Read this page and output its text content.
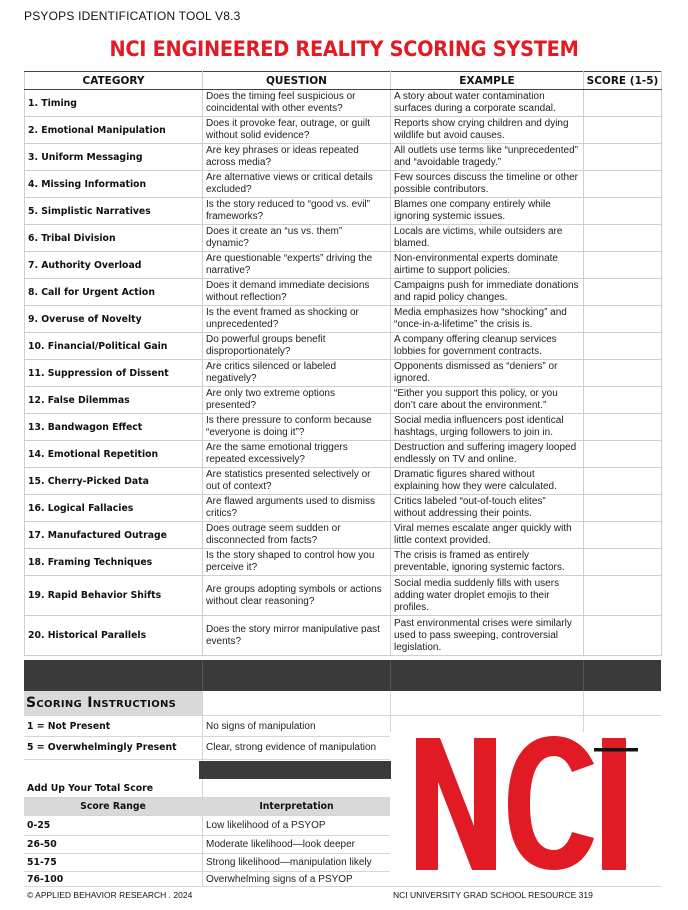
PSYOPS IDENTIFICATION TOOL V8.3
NCI ENGINEERED REALITY SCORING SYSTEM
CATEGORY	QUESTION	EXAMPLE	SCORE (1-5)
1. Timing	Does the timing feel suspicious or coincidental with other events?	A story about water contamination surfaces during a corporate scandal.	
2. Emotional Manipulation	Does it provoke fear, outrage, or guilt without solid evidence?	Reports show crying children and dying wildlife but avoid causes.	
3. Uniform Messaging	Are key phrases or ideas repeated across media?	All outlets use terms like “unprecedented” and “avoidable tragedy.”	
4. Missing Information	Are alternative views or critical details excluded?	Few sources discuss the timeline or other possible contributors.	
5. Simplistic Narratives	Is the story reduced to “good vs. evil” frameworks?	Blames one company entirely while ignoring systemic issues.	
6. Tribal Division	Does it create an “us vs. them” dynamic?	Locals are victims, while outsiders are blamed.	
7. Authority Overload	Are questionable “experts” driving the narrative?	Non-environmental experts dominate airtime to support policies.	
8. Call for Urgent Action	Does it demand immediate decisions without reflection?	Campaigns push for immediate donations and rapid policy changes.	
9. Overuse of Novelty	Is the event framed as shocking or unprecedented?	Media emphasizes how “shocking” and “once-in-a-lifetime” the crisis is.	
10. Financial/Political Gain	Do powerful groups benefit disproportionately?	A company offering cleanup services lobbies for government contracts.	
11. Suppression of Dissent	Are critics silenced or labeled negatively?	Opponents dismissed as “deniers” or ignored.	
12. False Dilemmas	Are only two extreme options presented?	“Either you support this policy, or you don’t care about the environment.”	
13. Bandwagon Effect	Is there pressure to conform because “everyone is doing it”?	Social media influencers post identical hashtags, urging followers to join in.	
14. Emotional Repetition	Are the same emotional triggers repeated excessively?	Destruction and suffering imagery looped endlessly on TV and online.	
15. Cherry-Picked Data	Are statistics presented selectively or out of context?	Dramatic figures shared without explaining how they were calculated.	
16. Logical Fallacies	Are flawed arguments used to dismiss critics?	Critics labeled “out-of-touch elites” without addressing their points.	
17. Manufactured Outrage	Does outrage seem sudden or disconnected from facts?	Viral memes escalate anger quickly with little context provided.	
18. Framing Techniques	Is the story shaped to control how you perceive it?	The crisis is framed as entirely preventable, ignoring systemic factors.	
19. Rapid Behavior Shifts	Are groups adopting symbols or actions without clear reasoning?	Social media suddenly fills with users adding water droplet emojis to their profiles.	
20. Historical Parallels	Does the story mirror manipulative past events?	Past environmental crises were similarly used to pass sweeping, controversial legislation.	
Scoring Instructions
1 = Not Present	No signs of manipulation
5 = Overwhelmingly Present	Clear, strong evidence of manipulation
Add Up Your Total Score
Score Range	Interpretation
0-25	Low likelihood of a PSYOP
26-50	Moderate likelihood—look deeper
51-75	Strong likelihood—manipulation likely
76-100	Overwhelming signs of a PSYOP
© APPLIED BEHAVIOR RESEARCH . 2024	NCI UNIVERSITY GRAD SCHOOL RESOURCE 319
